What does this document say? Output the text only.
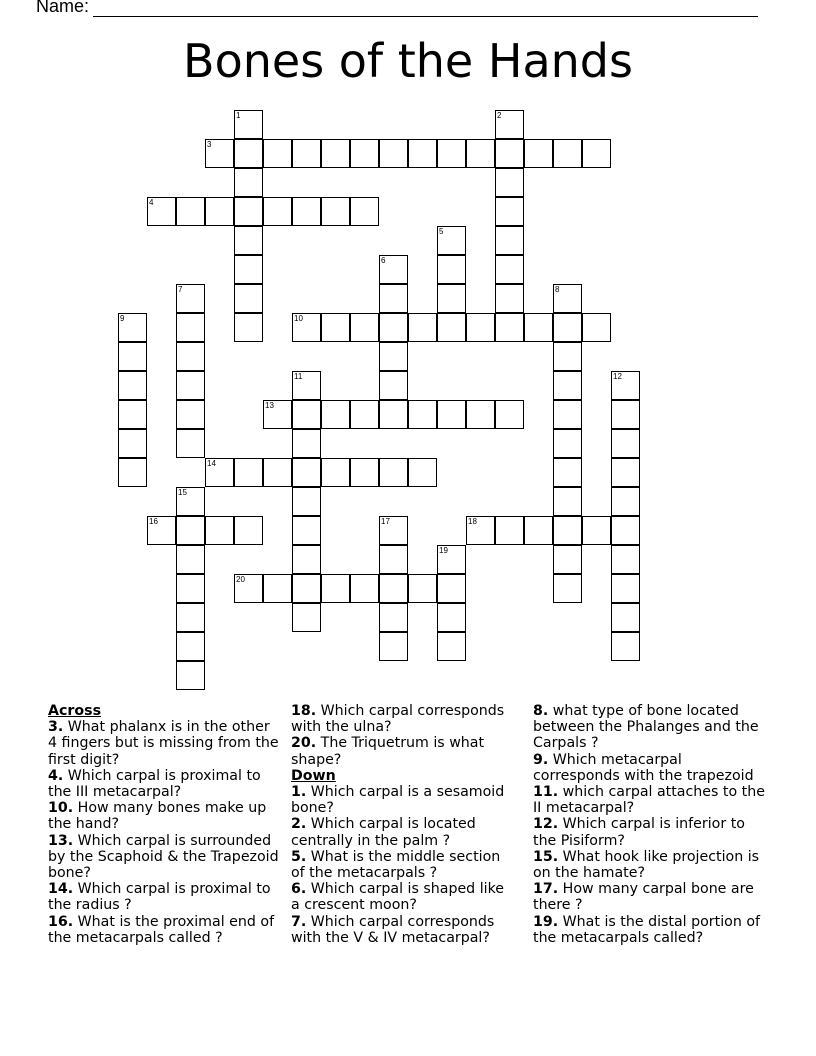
Name:
Bones of the Hands
1	2
3
4
5
6
7	8
9	10
11	12
13
14
15
16	17	18
19
20
Across
3. What phalanx is in the other 4 fingers but is missing from the first digit?
4. Which carpal is proximal to the III metacarpal?
10. How many bones make up the hand?
13. Which carpal is surrounded by the Scaphoid & the Trapezoid bone?
14. Which carpal is proximal to the radius ?
16. What is the proximal end of the metacarpals called ?
18. Which carpal corresponds with the ulna?
20. The Triquetrum is what shape?
Down
1. Which carpal is a sesamoid bone?
2. Which carpal is located centrally in the palm ?
5. What is the middle section of the metacarpals ?
6. Which carpal is shaped like a crescent moon?
7. Which carpal corresponds with the V & IV metacarpal?
8. what type of bone located between the Phalanges and the Carpals ?
9. Which metacarpal corresponds with the trapezoid
11. which carpal attaches to the II metacarpal?
12. Which carpal is inferior to the Pisiform?
15. What hook like projection is on the hamate?
17. How many carpal bone are there ?
19. What is the distal portion of the metacarpals called?
